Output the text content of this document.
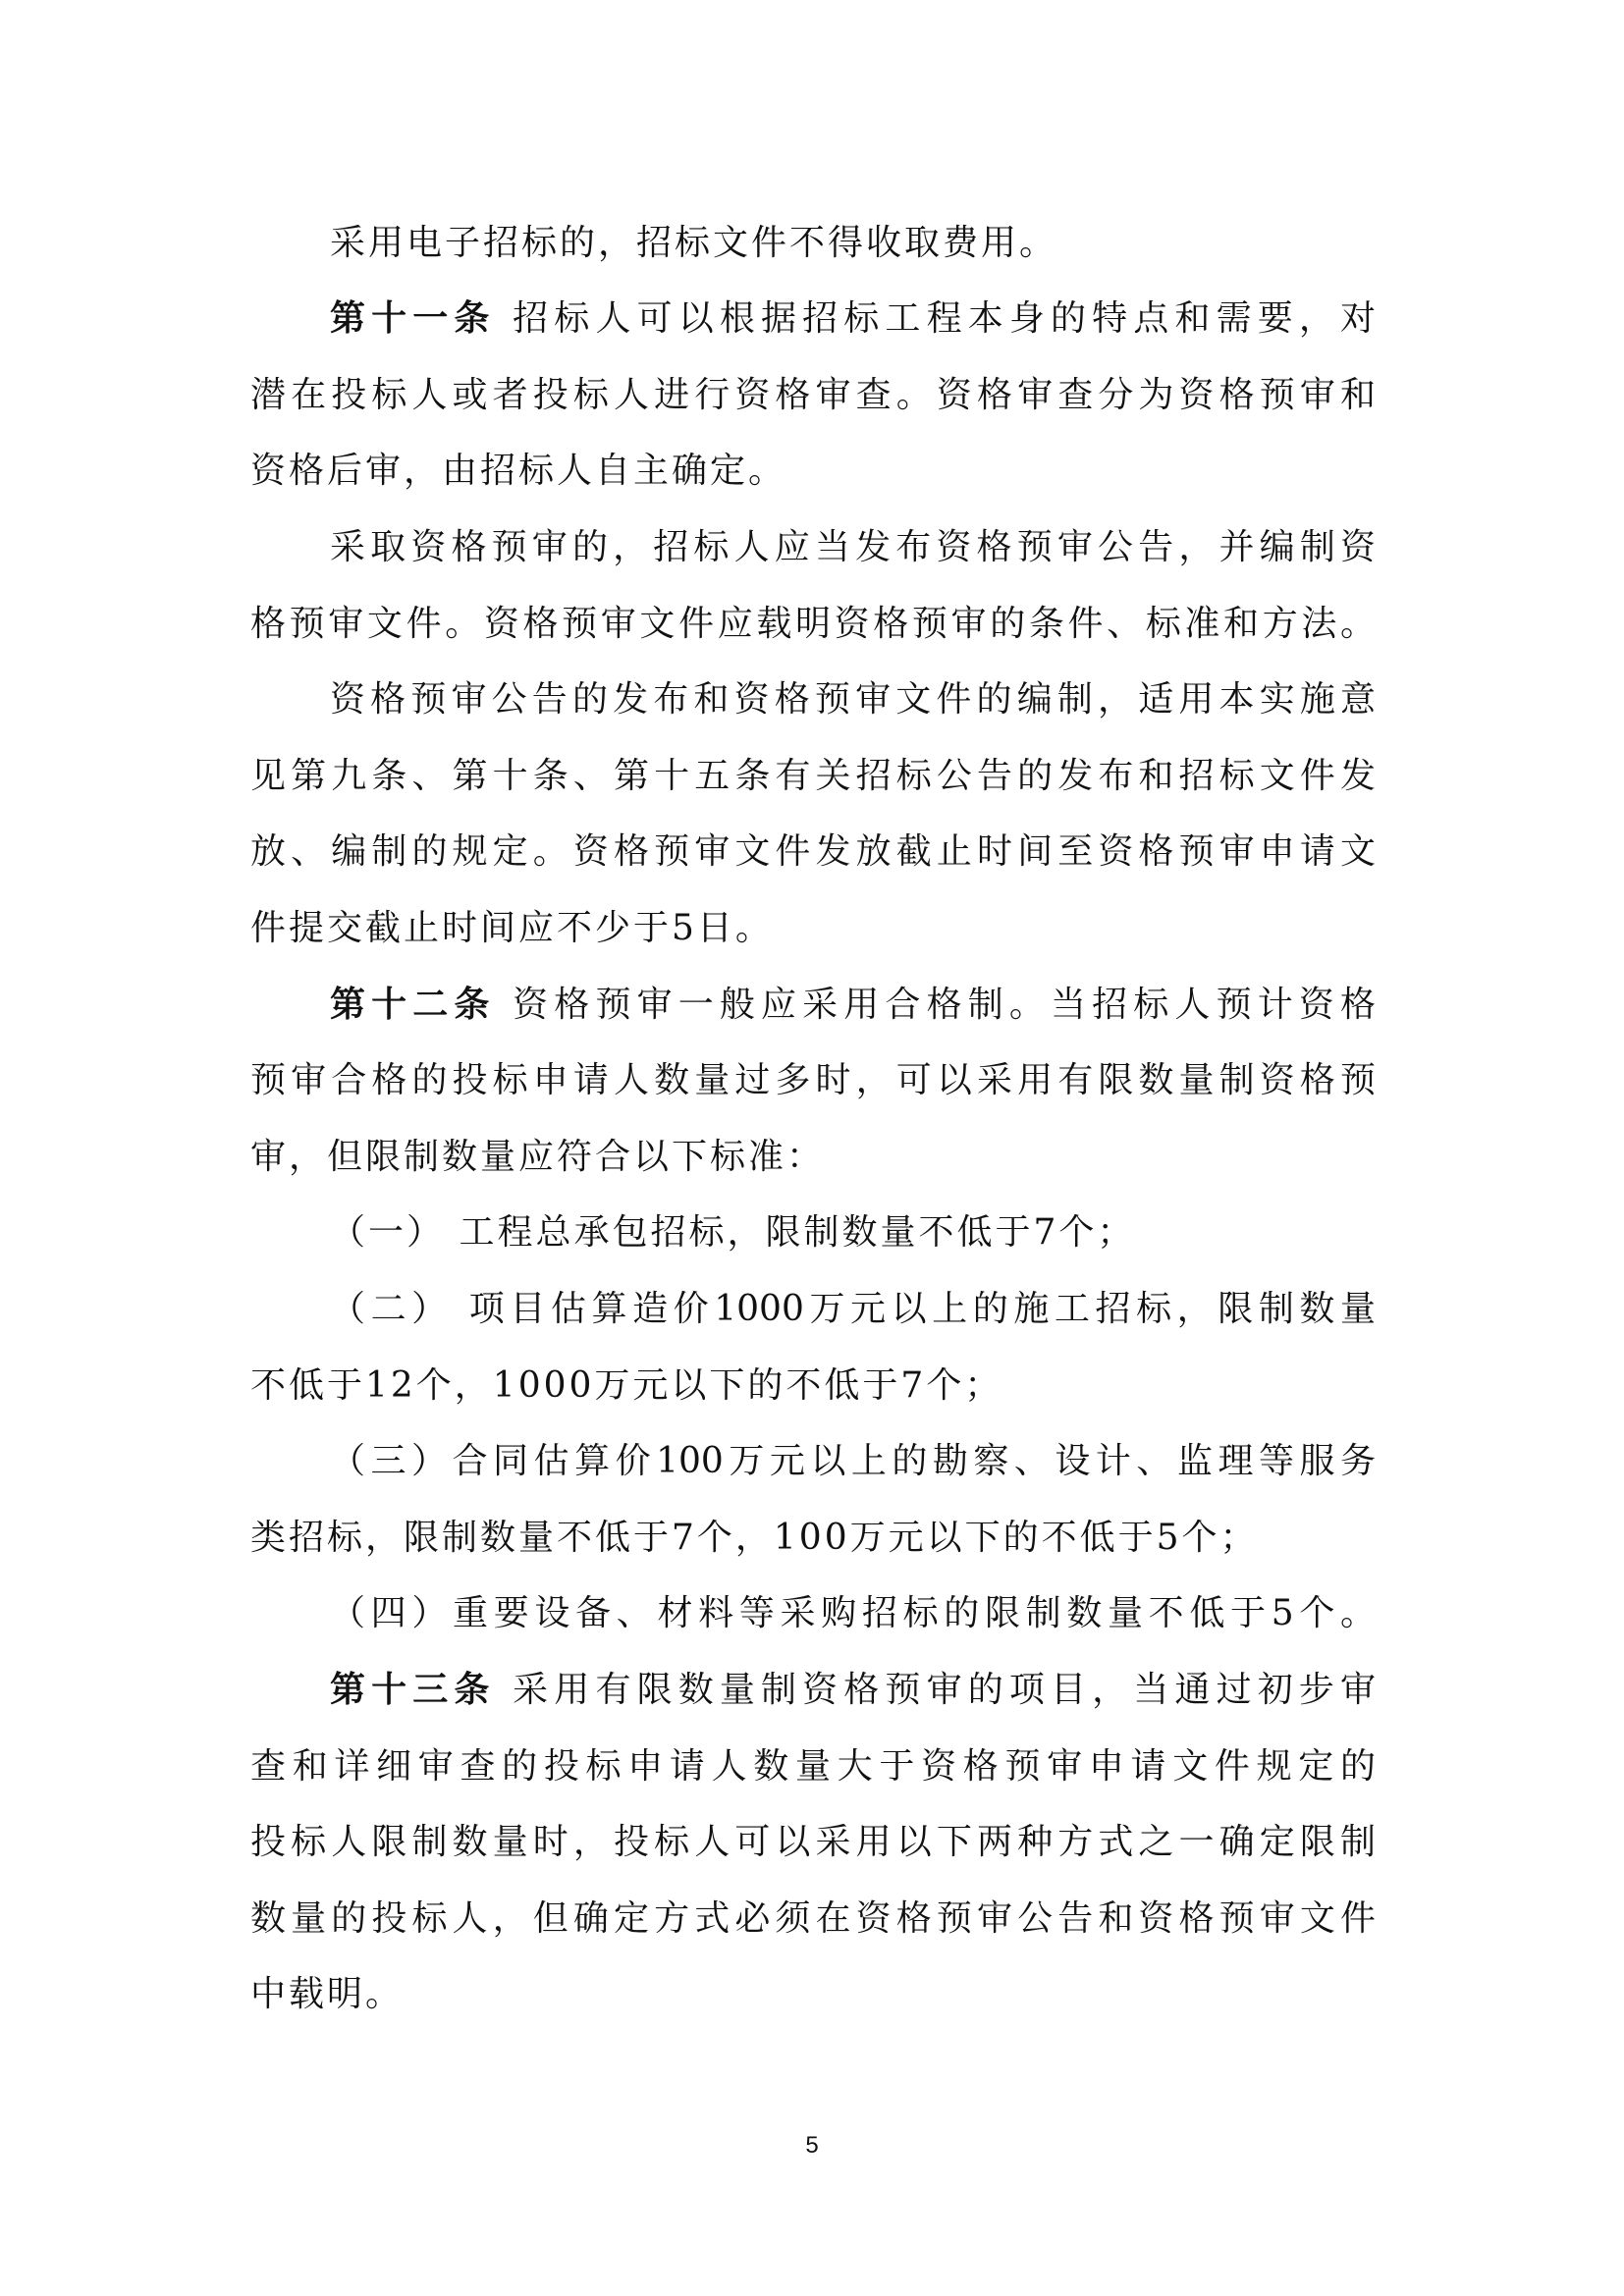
采用电子招标的，招标文件不得收取费用。
第十一条 招标人可以根据招标工程本身的特点和需要，对
潜在投标人或者投标人进行资格审查。资格审查分为资格预审和
资格后审，由招标人自主确定。
采取资格预审的，招标人应当发布资格预审公告，并编制资
格预审文件。资格预审文件应载明资格预审的条件、标准和方法。
资格预审公告的发布和资格预审文件的编制，适用本实施意
见第九条、第十条、第十五条有关招标公告的发布和招标文件发
放、编制的规定。资格预审文件发放截止时间至资格预审申请文
件提交截止时间应不少于5日。
第十二条 资格预审一般应采用合格制。当招标人预计资格
预审合格的投标申请人数量过多时，可以采用有限数量制资格预
审，但限制数量应符合以下标准：
（一） 工程总承包招标，限制数量不低于7个；
（二） 项目估算造价1000万元以上的施工招标，限制数量
不低于12个，1000万元以下的不低于7个；
（三）合同估算价100万元以上的勘察、设计、监理等服务
类招标，限制数量不低于7个，100万元以下的不低于5个；
（四）重要设备、材料等采购招标的限制数量不低于5个。
第十三条 采用有限数量制资格预审的项目，当通过初步审
查和详细审查的投标申请人数量大于资格预审申请文件规定的
投标人限制数量时，投标人可以采用以下两种方式之一确定限制
数量的投标人，但确定方式必须在资格预审公告和资格预审文件
中载明。
5
